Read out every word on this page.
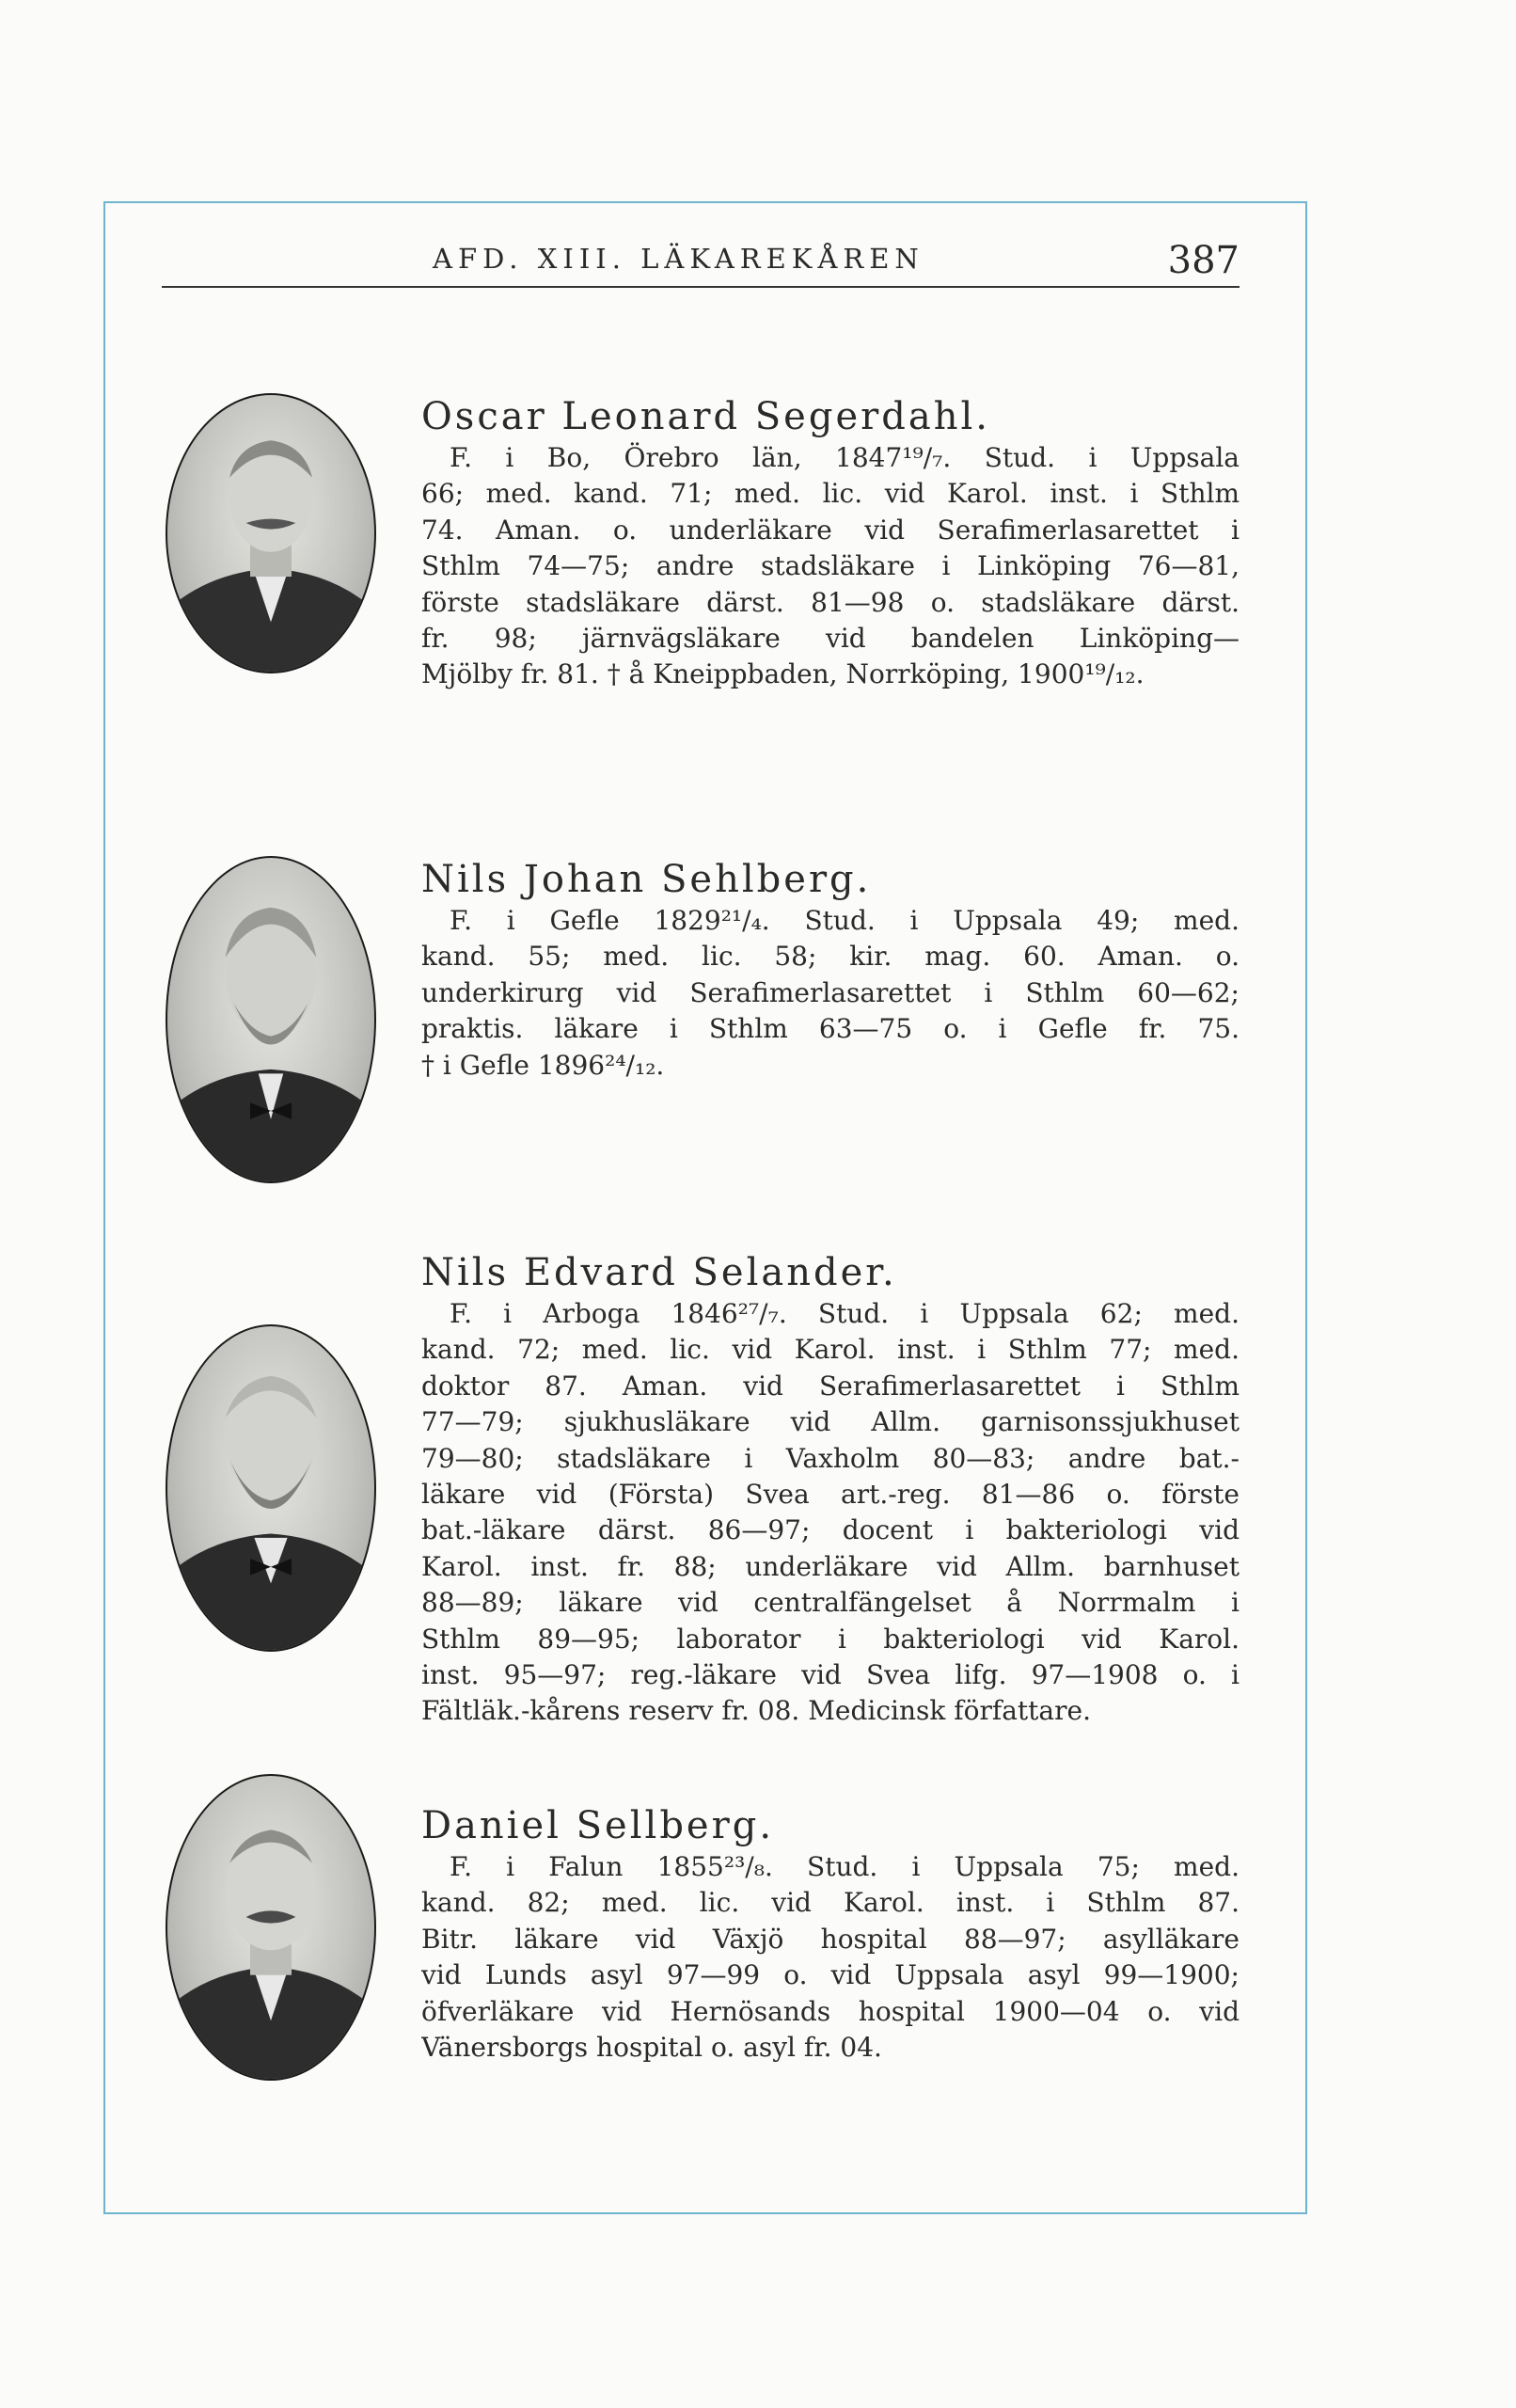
AFD. XIII. LÄKAREKÅREN	387
Oscar Leonard Segerdahl.
F. i Bo, Örebro län, 1847¹⁹/₇. Stud. i Uppsala
66; med. kand. 71; med. lic. vid Karol. inst. i Sthlm
74. Aman. o. underläkare vid Serafimerlasarettet i
Sthlm 74—75; andre stadsläkare i Linköping 76—81,
förste stadsläkare därst. 81—98 o. stadsläkare därst.
fr. 98; järnvägsläkare vid bandelen Linköping—
Mjölby fr. 81. † å Kneippbaden, Norrköping, 1900¹⁹/₁₂.
Nils Johan Sehlberg.
F. i Gefle 1829²¹/₄. Stud. i Uppsala 49; med.
kand. 55; med. lic. 58; kir. mag. 60. Aman. o.
underkirurg vid Serafimerlasarettet i Sthlm 60—62;
praktis. läkare i Sthlm 63—75 o. i Gefle fr. 75.
† i Gefle 1896²⁴/₁₂.
Nils Edvard Selander.
F. i Arboga 1846²⁷/₇. Stud. i Uppsala 62; med.
kand. 72; med. lic. vid Karol. inst. i Sthlm 77; med.
doktor 87. Aman. vid Serafimerlasarettet i Sthlm
77—79; sjukhusläkare vid Allm. garnisonssjukhuset
79—80; stadsläkare i Vaxholm 80—83; andre bat.-
läkare vid (Första) Svea art.-reg. 81—86 o. förste
bat.-läkare därst. 86—97; docent i bakteriologi vid
Karol. inst. fr. 88; underläkare vid Allm. barnhuset
88—89; läkare vid centralfängelset å Norrmalm i
Sthlm 89—95; laborator i bakteriologi vid Karol.
inst. 95—97; reg.-läkare vid Svea lifg. 97—1908 o. i
Fältläk.-kårens reserv fr. 08. Medicinsk författare.
Daniel Sellberg.
F. i Falun 1855²³/₈. Stud. i Uppsala 75; med.
kand. 82; med. lic. vid Karol. inst. i Sthlm 87.
Bitr. läkare vid Växjö hospital 88—97; asylläkare
vid Lunds asyl 97—99 o. vid Uppsala asyl 99—1900;
öfverläkare vid Hernösands hospital 1900—04 o. vid
Vänersborgs hospital o. asyl fr. 04.
